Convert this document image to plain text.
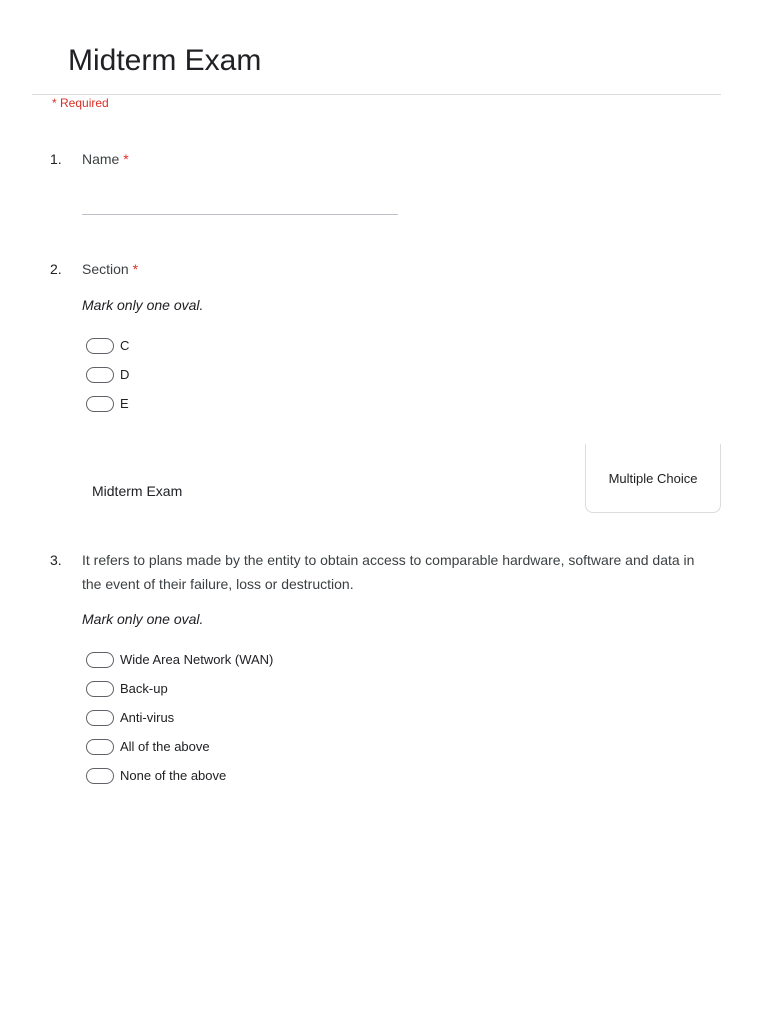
Midterm Exam
* Required
1. Name *
2. Section *
Mark only one oval.
C
D
E
Multiple Choice
Midterm Exam
3. It refers to plans made by the entity to obtain access to comparable hardware, software and data in the event of their failure, loss or destruction.
Mark only one oval.
Wide Area Network (WAN)
Back-up
Anti-virus
All of the above
None of the above
